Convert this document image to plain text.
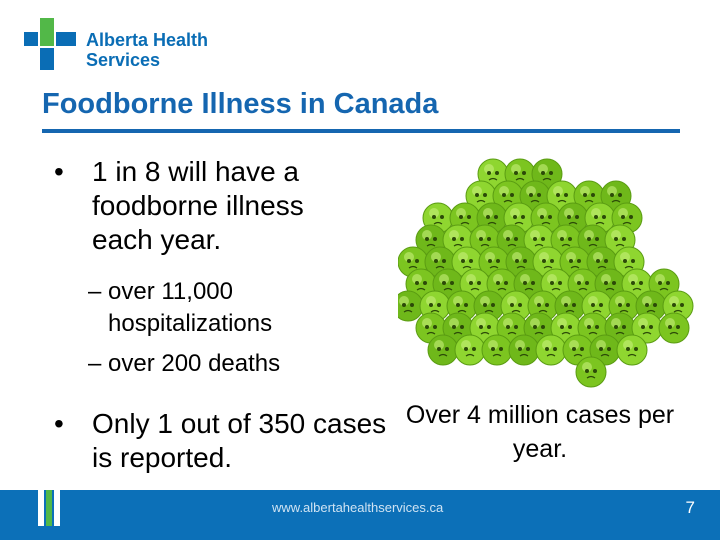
Alberta Health
Services
Foodborne Illness in Canada
• 1 in 8 will have a foodborne illness each year.
– over 11,000 hospitalizations
– over 200 deaths
• Only 1 out of 350 cases is reported.
Over 4 million cases per year.
www.albertahealthservices.ca	7
